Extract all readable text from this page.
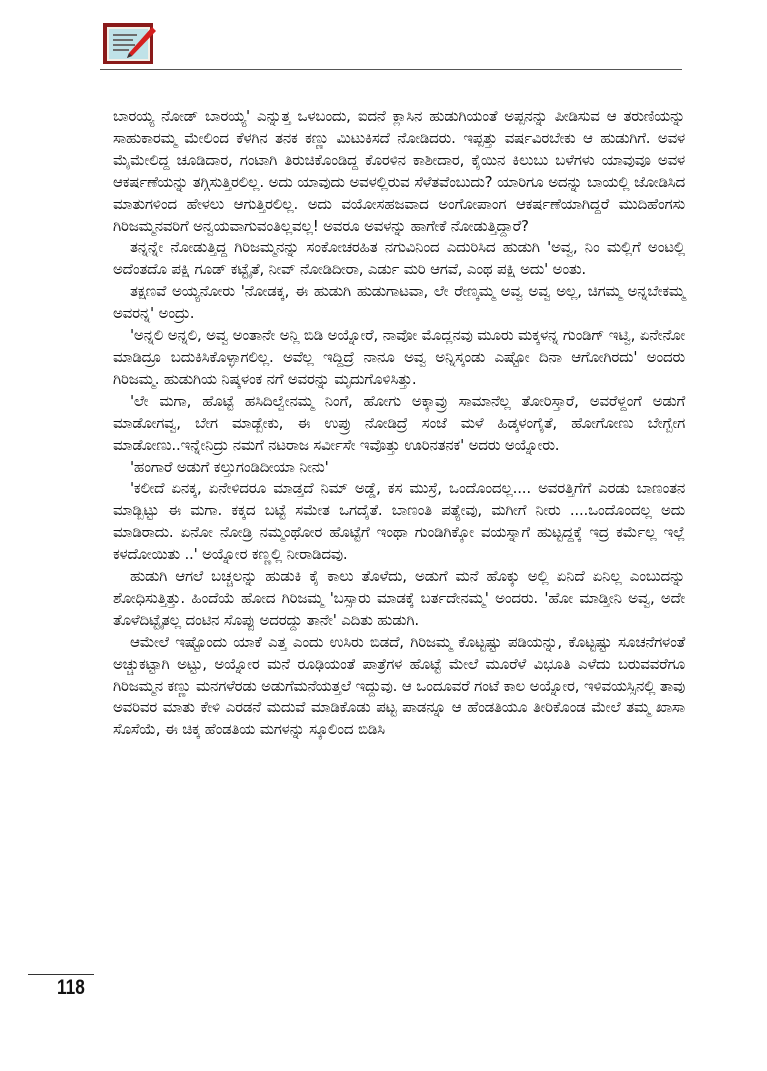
ಬಾರಯ್ಯ ನೋಡ್ ಬಾರಯ್ಯ' ಎನ್ನುತ್ತ ಒಳಬಂದು, ಐದನೆ ಕ್ಲಾಸಿನ ಹುಡುಗಿಯಂತೆ ಅಪ್ಪನನ್ನು ಪೀಡಿಸುವ ಆ ತರುಣಿಯನ್ನು ಸಾಹುಕಾರಮ್ಮ ಮೇಲಿಂದ ಕೆಳಗಿನ ತನಕ ಕಣ್ಣು ಮಿಟುಕಿಸದೆ ನೋಡಿದರು. ಇಪ್ಪತ್ತು ವರ್ಷವಿರಬೇಕು ಆ ಹುಡುಗಿಗೆ. ಅವಳ ಮೈಮೇಲಿದ್ದ ಚೂಡಿದಾರ, ಗಂಟಾಗಿ ತಿರುಚಿಕೊಂಡಿದ್ದ ಕೊರಳಿನ ಕಾಶೀದಾರ, ಕೈಯಿನ ಕಿಲುಬು ಬಳೆಗಳು ಯಾವುವೂ ಅವಳ ಆಕರ್ಷಣೆಯನ್ನು ತಗ್ಗಿಸುತ್ತಿರಲಿಲ್ಲ. ಅದು ಯಾವುದು ಅವಳಲ್ಲಿರುವ ಸೆಳೆತವೆಂಬುದು? ಯಾರಿಗೂ ಅದನ್ನು ಬಾಯಲ್ಲಿ ಜೋಡಿಸಿದ ಮಾತುಗಳಿಂದ ಹೇಳಲು ಆಗುತ್ತಿರಲಿಲ್ಲ. ಅದು ವಯೋಸಹಜವಾದ ಅಂಗೋಪಾಂಗ ಆಕರ್ಷಣೆಯಾಗಿದ್ದರೆ ಮುದಿಹೆಂಗಸು ಗಿರಿಜಮ್ಮನವರಿಗೆ ಅನ್ವಯವಾಗುವಂತಿಲ್ಲವಲ್ಲ! ಅವರೂ ಅವಳನ್ನು ಹಾಗೇಕೆ ನೋಡುತ್ತಿದ್ದಾರೆ?

ತನ್ನನ್ನೇ ನೋಡುತ್ತಿದ್ದ ಗಿರಿಜಮ್ಮನನ್ನು ಸಂಕೋಚರಹಿತ ನಗುವಿನಿಂದ ಎದುರಿಸಿದ ಹುಡುಗಿ 'ಅವ್ವ, ನಿಂ ಮಲ್ಲಿಗೆ ಅಂಟಲ್ಲಿ ಅದೆಂತದೊ ಪಕ್ಷಿ ಗೂಡ್ ಕಟ್ಟೈತೆ, ನೀವ್ ನೋಡಿದೀರಾ, ಎರ್ಡು ಮರಿ ಆಗವೆ, ಎಂಥ ಪಕ್ಷಿ ಅದು' ಅಂತು.

ತಕ್ಷಣವೆ ಅಯ್ಯನೋರು 'ನೋಡಕ್ಕ, ಈ ಹುಡುಗಿ ಹುಡುಗಾಟವಾ, ಲೇ ರೇಣ್ಕಮ್ಮ ಅವ್ವ ಅವ್ವ ಅಲ್ಲ, ಚಿಗಮ್ಮ ಅನ್ನಬೇಕಮ್ಮ ಅವರನ್ನ' ಅಂದ್ರು.

'ಅನ್ನಲಿ ಅನ್ನಲಿ, ಅವ್ವ ಅಂತಾನೇ ಅನ್ಲಿ ಬಿಡಿ ಅಯ್ನೋರೆ, ನಾವೋ ಮೊದ್ಲನವು ಮೂರು ಮಕ್ಕಳನ್ನ ಗುಂಡಿಗ್ ಇಟ್ವಿ, ಏನೇನೋ ಮಾಡಿದ್ರೂ ಬದುಕಿಸಿಕೊಳ್ಳಾಗಲಿಲ್ಲ. ಅವೆಲ್ಲ ಇದ್ದಿದ್ರೆ ನಾನೂ ಅವ್ವ ಅನ್ನಿಸ್ಕಂಡು ಎಷ್ಟೋ ದಿನಾ ಆಗೋಗಿರದು' ಅಂದರು ಗಿರಿಜಮ್ಮ. ಹುಡುಗಿಯ ನಿಷ್ಕಳಂಕ ನಗೆ ಅವರನ್ನು ಮೃದುಗೊಳಿಸಿತ್ತು.

'ಲೇ ಮಗಾ, ಹೊಟ್ಟೆ ಹಸಿದಿಲ್ವೇನಮ್ಮ ನಿಂಗೆ, ಹೋಗು ಅಕ್ಕಾವ್ರು ಸಾಮಾನೆಲ್ಲ ತೋರಿಸ್ತಾರೆ, ಅವರೆಳ್ದಂಗೆ ಅಡುಗೆ ಮಾಡೋಗವ್ವ, ಬೇಗ ಮಾಡ್ಬೇಕು, ಈ ಉಪ್ರು ನೋಡಿದ್ರೆ ಸಂಜೆ ಮಳೆ ಹಿಡ್ಕಳಂಗೈತೆ, ಹೋಗೋಣು ಬೇಗ್ಬೇಗ ಮಾಡೋಣು..ಇನ್ನೇನಿದ್ರು ನಮಗೆ ನಟರಾಜ ಸರ್ವೀಸೇ ಇವೊತ್ತು ಊರಿನತನಕ' ಅದರು ಅಯ್ನೋರು.

'ಹಂಗಾರೆ ಅಡುಗೆ ಕಲ್ತುಗಂಡಿದೀಯಾ ನೀನು'

'ಕಲೀದೆ ಏನಕ್ಕ, ಏನೇಳಿದರೂ ಮಾಡ್ತದೆ ನಿಮ್ ಅಡ್ಡೆ, ಕಸ ಮುಸ್ರೆ, ಒಂದೊಂದಲ್ಲ.... ಅವರತ್ತಿಗೆಗೆ ಎರಡು ಬಾಣಂತನ ಮಾಡ್ಬಿಟ್ಟು ಈ ಮಗಾ. ಕಕ್ಕದ ಬಟ್ಟೆ ಸಮೇತ ಒಗದೈತೆ. ಬಾಣಂತಿ ಪತ್ಯೇವು, ಮಗೀಗೆ ನೀರು ....ಒಂದೊಂದಲ್ಲ ಅದು ಮಾಡಿರಾದು. ಏನೋ ನೋಡ್ರಿ ನಮ್ಮಂಥೋರ ಹೊಟ್ಟೆಗೆ ಇಂಥಾ ಗುಂಡಿಗಿಕ್ಕೋ ವಯಸ್ನಾಗೆ ಹುಟ್ಟದ್ದಕ್ಕೆ ಇದ್ರ ಕರ್ಮೆಲ್ಲ ಇಲ್ಲೆ ಕಳದೋಯಿತು ..' ಅಯ್ನೋರ ಕಣ್ಣಲ್ಲಿ ನೀರಾಡಿದವು.

ಹುಡುಗಿ ಆಗಲೆ ಬಚ್ಚಲನ್ನು ಹುಡುಕಿ ಕೈ ಕಾಲು ತೊಳೆದು, ಅಡುಗೆ ಮನೆ ಹೊಕ್ಕು ಅಲ್ಲಿ ಏನಿದೆ ಏನಿಲ್ಲ ಎಂಬುದನ್ನು ಶೋಧಿಸುತ್ತಿತ್ತು. ಹಿಂದೆಯೆ ಹೋದ ಗಿರಿಜಮ್ಮ 'ಬಸ್ಸಾರು ಮಾಡಕ್ಕೆ ಬರ್ತದೇನಮ್ಮ' ಅಂದರು. 'ಹೋ ಮಾಡ್ತೀನಿ ಅವ್ವ, ಅದೇ ತೊಳೆದಿಟ್ಟೈತಲ್ಲ ದಂಟಿನ ಸೊಪ್ಪು ಅದರದ್ದು ತಾನೇ' ಎದಿತು ಹುಡುಗಿ.

ಆಮೇಲೆ ಇಷ್ಟೊಂದು ಯಾಕೆ ಎತ್ತ ಎಂದು ಉಸಿರು ಬಿಡದೆ, ಗಿರಿಜಮ್ಮ ಕೊಟ್ಟಷ್ಟು ಪಡಿಯನ್ನು, ಕೊಟ್ಟಷ್ಟು ಸೂಚನೆಗಳಂತೆ ಅಚ್ಚುಕಟ್ಟಾಗಿ ಅಟ್ಟು, ಅಯ್ನೋರ ಮನೆ ರೂಢಿಯಂತೆ ಪಾತ್ರೆಗಳ ಹೊಟ್ಟೆ ಮೇಲೆ ಮೂರೆಳೆ ವಿಭೂತಿ ಎಳೆದು ಬರುವವರೆಗೂ ಗಿರಿಜಮ್ಮನ ಕಣ್ಣು ಮನಗಳೆರಡು ಅಡುಗೆಮನೆಯತ್ತಲೆ ಇದ್ದುವು. ಆ ಒಂದೂವರೆ ಗಂಟೆ ಕಾಲ ಅಯ್ನೋರ, ಇಳಿವಯಸ್ಸಿನಲ್ಲಿ ತಾವು ಅವರಿವರ ಮಾತು ಕೇಳಿ ಎರಡನೆ ಮದುವೆ ಮಾಡಿಕೊಡು ಪಟ್ಟ ಪಾಡನ್ನೂ ಆ ಹೆಂಡತಿಯೂ ತೀರಿಕೊಂಡ ಮೇಲೆ ತಮ್ಮ ಖಾಸಾ ಸೊಸೆಯೆ, ಈ ಚಿಕ್ಕ ಹೆಂಡತಿಯ ಮಗಳನ್ನು ಸ್ಕೂಲಿಂದ ಬಿಡಿಸಿ

118
